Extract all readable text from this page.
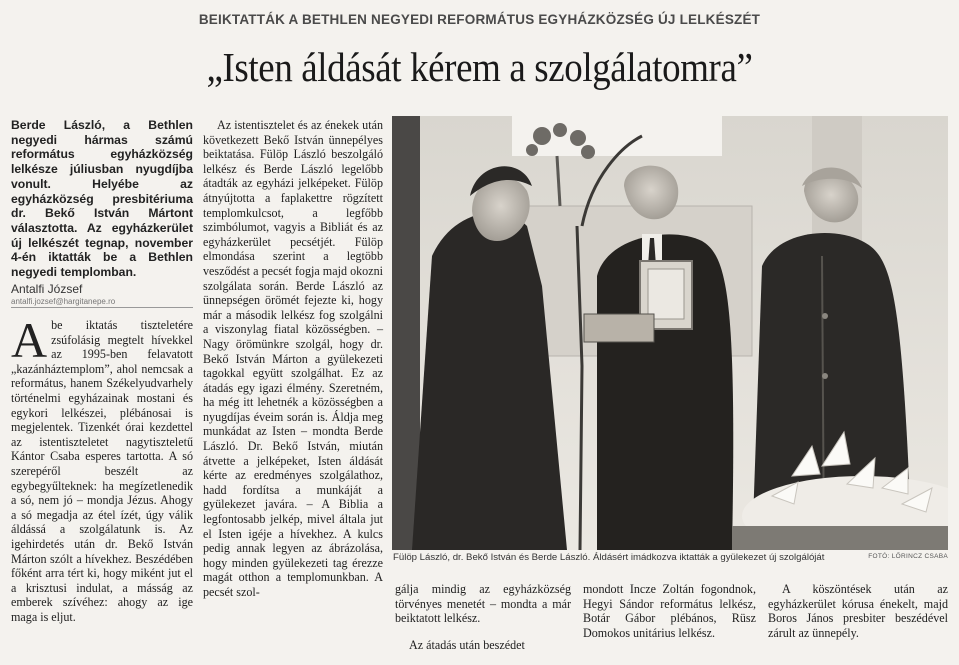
BEIKTATTÁK A BETHLEN NEGYEDI REFORMÁTUS EGYHÁZKÖZSÉG ÚJ LELKÉSZÉT
„Isten áldását kérem a szolgálatomra”

Berde László, a Bethlen negyedi hármas számú református egyházközség lelkésze júliusban nyugdíjba vonult. Helyébe az egyházközség presbitériuma dr. Bekő István Mártont választotta. Az egyházkerület új lelkészét tegnap, november 4-én iktatták be a Bethlen negyedi templomban.

Antalfi József
antalfi.jozsef@hargitanepe.ro

Abe iktatás tiszteletére zsúfolásig megtelt hívekkel az 1995-ben felavatott „kazánháztemplom”, ahol nemcsak a református, hanem Székelyudvarhely történelmi egyházainak mostani és egykori lelkészei, plébánosai is megjelentek. Tizenkét órai kezdettel az istentiszteletet nagytiszteletű Kántor Csaba esperes tartotta. A só szerepéről beszélt az egybegyűlteknek: ha megízetlenedik a só, nem jó – mondja Jézus. Ahogy a só megadja az étel ízét, úgy válik áldássá a szolgálatunk is. Az igehirdetés után dr. Bekő István Márton szólt a hívekhez. Beszédében főként arra tért ki, hogy miként jut el a krisztusi indulat, a másság az emberek szívéhez: ahogy az ige maga is eljut.

Az istentisztelet és az énekek után következett Bekő István ünnepélyes beiktatása. Fülöp László beszolgáló lelkész és Berde László legelőbb átadták az egyházi jelképeket. Fülöp átnyújtotta a faplakettre rögzített templomkulcsot, a legfőbb szimbólumot, vagyis a Bibliát és az egyházkerület pecsétjét. Fülöp elmondása szerint a legtöbb vesződést a pecsét fogja majd okozni szolgálata során. Berde László az ünnepségen örömét fejezte ki, hogy már a második lelkész fog szolgálni a viszonylag fiatal közösségben. – Nagy örömünkre szolgál, hogy dr. Bekő István Márton a gyülekezeti tagokkal együtt szolgálhat. Ez az átadás egy igazi élmény. Szeretném, ha még itt lehetnék a közösségben a nyugdíjas éveim során is. Áldja meg munkádat az Isten – mondta Berde László. Dr. Bekő István, miután átvette a jelképeket, Isten áldását kérte az eredményes szolgálathoz, hadd fordítsa a munkáját a gyülekezet javára. – A Biblia a legfontosabb jelkép, mivel általa jut el Isten igéje a hívekhez. A kulcs pedig annak legyen az ábrázolása, hogy minden gyülekezeti tag érezze magát otthon a templomunkban. A pecsét szol-

Fülöp László, dr. Bekő István és Berde László. Áldásért imádkozva iktatták a gyülekezet új szolgálóját	FOTÓ: LŐRINCZ CSABA

gálja mindig az egyházközség törvényes menetét – mondta a már beiktatott lelkész.

Az átadás után beszédet

mondott Incze Zoltán fogondnok, Hegyi Sándor református lelkész, Botár Gábor plébános, Rüsz Domokos unitárius lelkész.

A köszöntések után az egyházkerület kórusa énekelt, majd Boros János presbiter beszédével zárult az ünnepély.
